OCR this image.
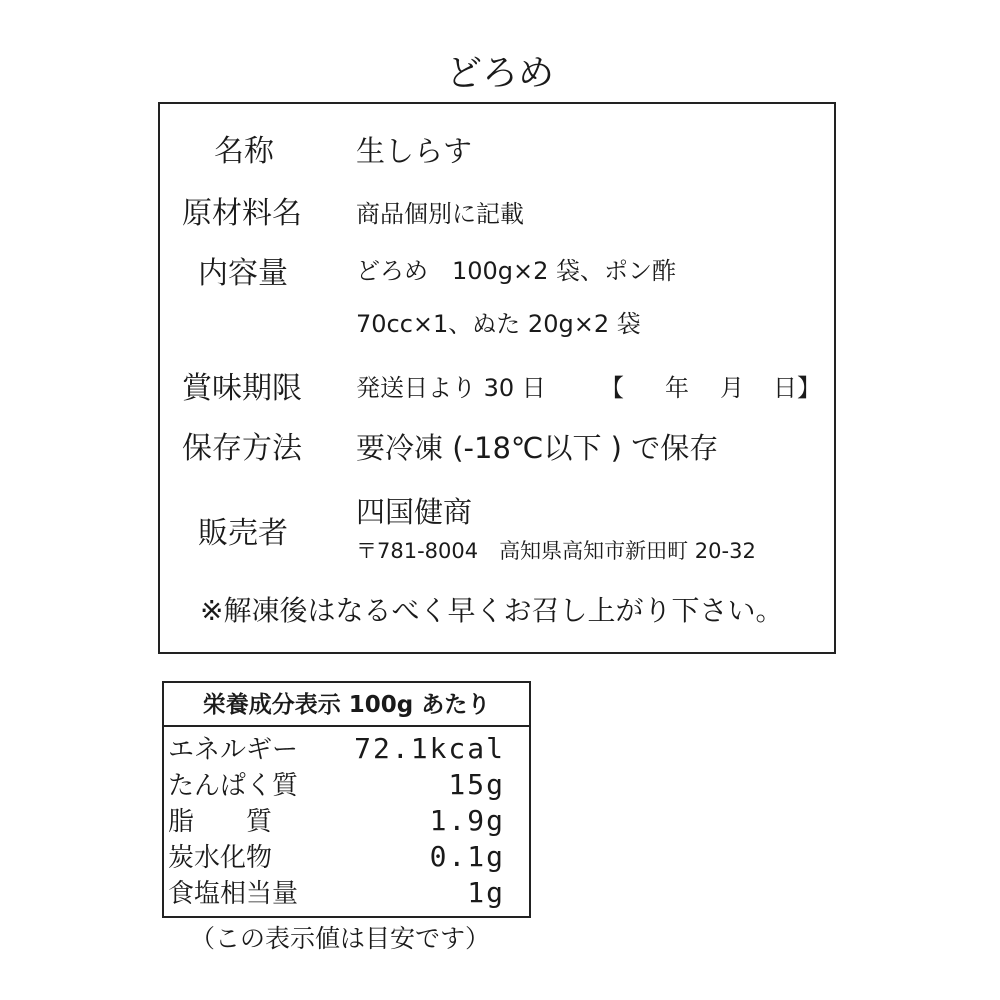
どろめ
名称	生しらす
原材料名 商品個別に記載
内容量	どろめ　100g×2 袋、ポン酢
70cc×1、ぬた 20g×2 袋
賞味期限 発送日より 30 日 【 年 月 日 】
保存方法 要冷凍 (-18℃以下 ) で保存
販売者
四国健商
〒781-8004　高知県高知市新田町 20-32
※解凍後はなるべく早くお召し上がり下さい。
栄養成分表示 100g あたり
エネルギー 72.1kcal
たんぱく質	15g
脂　　質	1.9g
炭水化物	0.1g
食塩相当量	1g
（この表示値は目安です）
